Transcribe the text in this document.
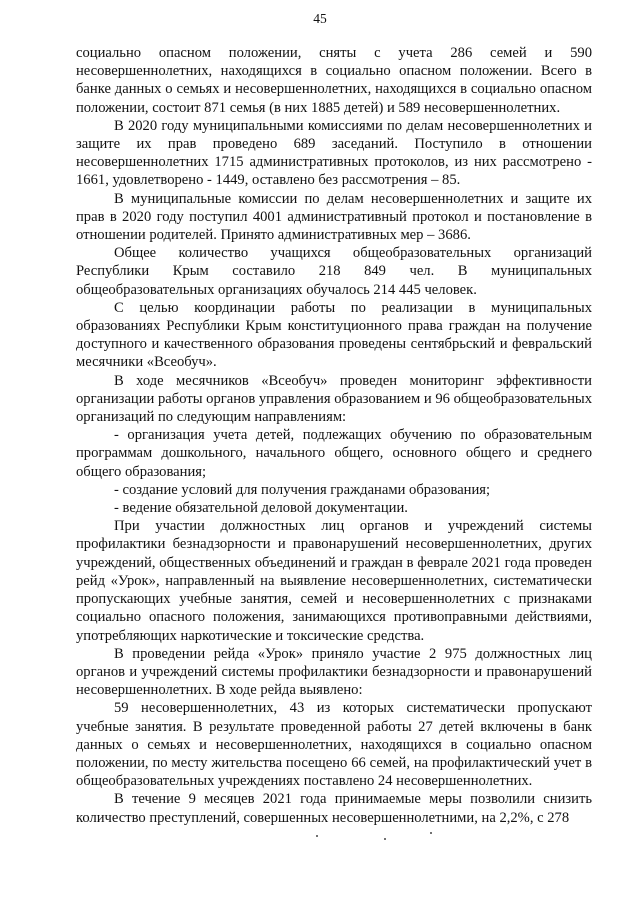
45

социально опасном положении, сняты с учета 286 семей и 590 несовершеннолетних, находящихся в социально опасном положении. Всего в банке данных о семьях и несовершеннолетних, находящихся в социально опасном положении, состоит 871 семья (в них 1885 детей) и 589 несовершеннолетних.

В 2020 году муниципальными комиссиями по делам несовершеннолетних и защите их прав проведено 689 заседаний. Поступило в отношении несовершеннолетних 1715 административных протоколов, из них рассмотрено - 1661, удовлетворено - 1449, оставлено без рассмотрения – 85.

В муниципальные комиссии по делам несовершеннолетних и защите их прав в 2020 году поступил 4001 административный протокол и постановление в отношении родителей. Принято административных мер – 3686.

Общее количество учащихся общеобразовательных организаций Республики Крым составило 218 849 чел. В муниципальных общеобразовательных организациях обучалось 214 445 человек.

С целью координации работы по реализации в муниципальных образованиях Республики Крым конституционного права граждан на получение доступного и качественного образования проведены сентябрьский и февральский месячники «Всеобуч».

В ходе месячников «Всеобуч» проведен мониторинг эффективности организации работы органов управления образованием и 96 общеобразовательных организаций по следующим направлениям:

- организация учета детей, подлежащих обучению по образовательным программам дошкольного, начального общего, основного общего и среднего общего образования;

- создание условий для получения гражданами образования;

- ведение обязательной деловой документации.

При участии должностных лиц органов и учреждений системы профилактики безнадзорности и правонарушений несовершеннолетних, других учреждений, общественных объединений и граждан в феврале 2021 года проведен рейд «Урок», направленный на выявление несовершеннолетних, систематически пропускающих учебные занятия, семей и несовершеннолетних с признаками социально опасного положения, занимающихся противоправными действиями, употребляющих наркотические и токсические средства.

В проведении рейда «Урок» приняло участие 2 975 должностных лиц органов и учреждений системы профилактики безнадзорности и правонарушений несовершеннолетних. В ходе рейда выявлено:

59 несовершеннолетних, 43 из которых систематически пропускают учебные занятия. В результате проведенной работы 27 детей включены в банк данных о семьях и несовершеннолетних, находящихся в социально опасном положении, по месту жительства посещено 66 семей, на профилактический учет в общеобразовательных учреждениях поставлено 24 несовершеннолетних.

В течение 9 месяцев 2021 года принимаемые меры позволили снизить количество преступлений, совершенных несовершеннолетними, на 2,2%, с 278
